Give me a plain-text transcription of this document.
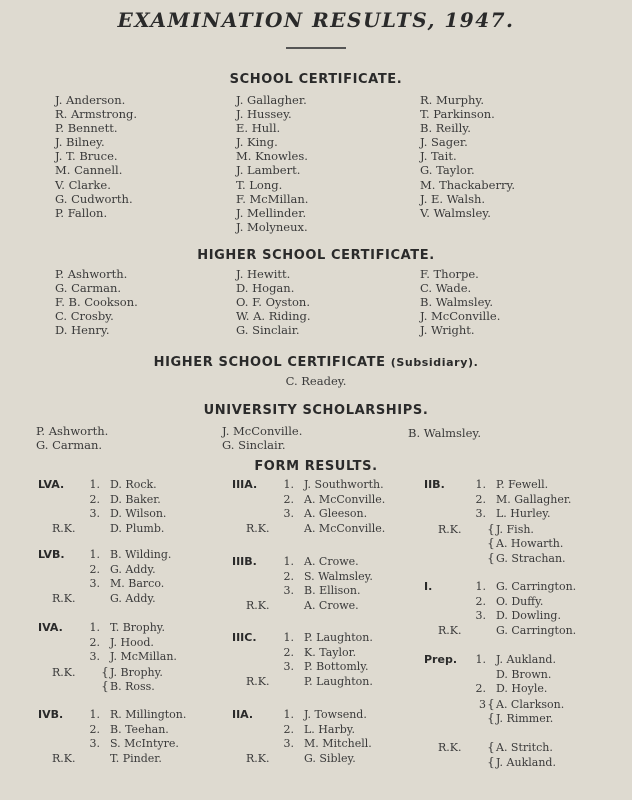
EXAMINATION RESULTS, 1947.
SCHOOL CERTIFICATE.
J. Anderson.
R. Armstrong.
P. Bennett.
J. Bilney.
J. T. Bruce.
M. Cannell.
V. Clarke.
G. Cudworth.
P. Fallon.
J. Gallagher.
J. Hussey.
E. Hull.
J. King.
M. Knowles.
J. Lambert.
T. Long.
F. McMillan.
J. Mellinder.
J. Molyneux.
R. Murphy.
T. Parkinson.
B. Reilly.
J. Sager.
J. Tait.
G. Taylor.
M. Thackaberry.
J. E. Walsh.
V. Walmsley.
HIGHER SCHOOL CERTIFICATE.
P. Ashworth.
G. Carman.
F. B. Cookson.
C. Crosby.
D. Henry.
J. Hewitt.
D. Hogan.
O. F. Oyston.
W. A. Riding.
G. Sinclair.
F. Thorpe.
C. Wade.
B. Walmsley.
J. McConville.
J. Wright.
HIGHER SCHOOL CERTIFICATE (Subsidiary).
C. Readey.
UNIVERSITY SCHOLARSHIPS.
P. Ashworth.
G. Carman.
J. McConville.
G. Sinclair.
B. Walmsley.
FORM RESULTS.
LVA.	1. D. Rock.
2. D. Baker.
3. D. Wilson.
R.K.	D. Plumb.
LVB.	1. B. Wilding.
2. G. Addy.
3. M. Barco.
R.K.	G. Addy.
IVA.	1. T. Brophy.
2. J. Hood.
3. J. McMillan.
R.K. {J. Brophy.
{B. Ross.
IVB.	1. R. Millington.
2. B. Teehan.
3. S. McIntyre.
R.K.	T. Pinder.
IIIA.	1. J. Southworth.
2. A. McConville.
3. A. Gleeson.
R.K.	A. McConville.
IIIB.	1. A. Crowe.
2. S. Walmsley.
3. B. Ellison.
R.K.	A. Crowe.
IIIC.	1. P. Laughton.
2. K. Taylor.
3. P. Bottomly.
R.K.	P. Laughton.
IIA.	1. J. Towsend.
2. L. Harby.
3. M. Mitchell.
R.K.	G. Sibley.
IIB.	1. P. Fewell.
2. M. Gallagher.
3. L. Hurley.
R.K. {J. Fish.
{A. Howarth.
{G. Strachan.
I.	1. G. Carrington.
2. O. Duffy.
3. D. Dowling.
R.K.	G. Carrington.
Prep.	1. J. Aukland.
D. Brown.
2. D. Hoyle.
3{A. Clarkson.
{J. Rimmer.
R.K. {A. Stritch.
{J. Aukland.
